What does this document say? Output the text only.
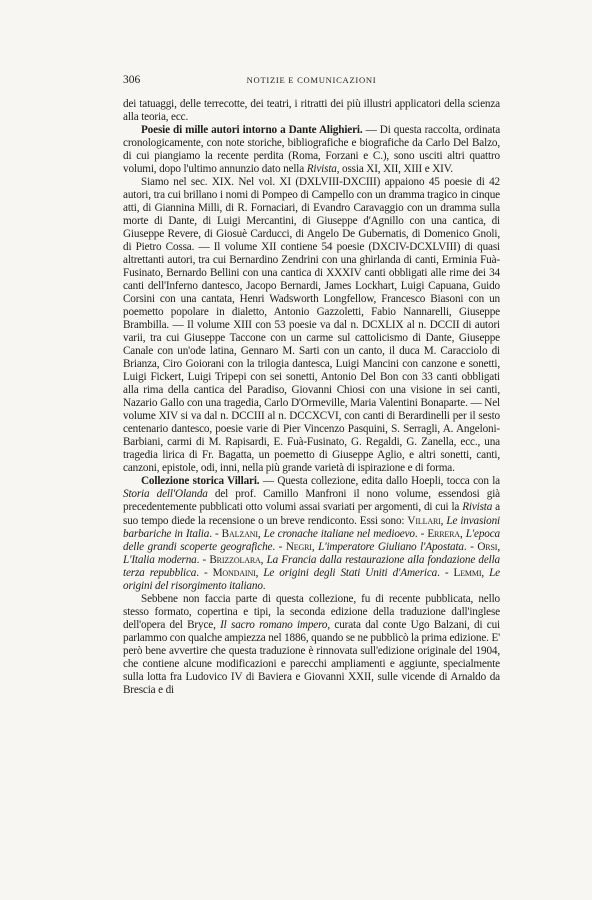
306	NOTIZIE E COMUNICAZIONI

dei tatuaggi, delle terrecotte, dei teatri, i ritratti dei più illustri applicatori della scienza alla teoria, ecc.

Poesie di mille autori intorno a Dante Alighieri. — Di questa raccolta, ordinata cronologicamente, con note storiche, bibliografiche e biografiche da Carlo Del Balzo, di cui piangiamo la recente perdita (Roma, Forzani e C.), sono usciti altri quattro volumi, dopo l'ultimo annunzio dato nella Rivista, ossia XI, XII, XIII e XIV.

Siamo nel sec. XIX. Nel vol. XI (DXLVIII-DXCIII) appaiono 45 poesie di 42 autori, tra cui brillano i nomi di Pompeo di Campello con un dramma tragico in cinque atti, di Giannina Milli, di R. Fornaciari, di Evandro Caravaggio con un dramma sulla morte di Dante, di Luigi Mercantini, di Giuseppe d'Agnillo con una cantica, di Giuseppe Revere, di Giosuè Carducci, di Angelo De Gubernatis, di Domenico Gnoli, di Pietro Cossa. — Il volume XII contiene 54 poesie (DXCIV-DCXLVIII) di quasi altrettanti autori, tra cui Bernardino Zendrini con una ghirlanda di canti, Erminia Fuà-Fusinato, Bernardo Bellini con una cantica di XXXIV canti obbligati alle rime dei 34 canti dell'Inferno dantesco, Jacopo Bernardi, James Lockhart, Luigi Capuana, Guido Corsini con una cantata, Henri Wadsworth Longfellow, Francesco Biasoni con un poemetto popolare in dialetto, Antonio Gazzoletti, Fabio Nannarelli, Giuseppe Brambilla. — Il volume XIII con 53 poesie va dal n. DCXLIX al n. DCCII di autori varii, tra cui Giuseppe Taccone con un carme sul cattolicismo di Dante, Giuseppe Canale con un'ode latina, Gennaro M. Sarti con un canto, il duca M. Caracciolo di Brianza, Ciro Goiorani con la trilogia dantesca, Luigi Mancini con canzone e sonetti, Luigi Fickert, Luigi Tripepi con sei sonetti, Antonio Del Bon con 33 canti obbligati alla rima della cantica del Paradiso, Giovanni Chiosi con una visione in sei canti, Nazario Gallo con una tragedia, Carlo D'Ormeville, Maria Valentini Bonaparte. — Nel volume XIV si va dal n. DCCIII al n. DCCXCVI, con canti di Berardinelli per il sesto centenario dantesco, poesie varie di Pier Vincenzo Pasquini, S. Serragli, A. Angeloni-Barbiani, carmi di M. Rapisardi, E. Fuà-Fusinato, G. Regaldi, G. Zanella, ecc., una tragedia lirica di Fr. Bagatta, un poemetto di Giuseppe Aglio, e altri sonetti, canti, canzoni, epistole, odi, inni, nella più grande varietà di ispirazione e di forma.

Collezione storica Villari. — Questa collezione, edita dallo Hoepli, tocca con la Storia dell'Olanda del prof. Camillo Manfroni il nono volume, essendosi già precedentemente pubblicati otto volumi assai svariati per argomenti, di cui la Rivista a suo tempo diede la recensione o un breve rendiconto. Essi sono: Villari, Le invasioni barbariche in Italia. - Balzani, Le cronache italiane nel medioevo. - Errera, L'epoca delle grandi scoperte geografiche. - Negri, L'imperatore Giuliano l'Apostata. - Orsi, L'Italia moderna. - Brizzolara, La Francia dalla restaurazione alla fondazione della terza repubblica. - Mondaini, Le origini degli Stati Uniti d'America. - Lemmi, Le origini del risorgimento italiano.

Sebbene non faccia parte di questa collezione, fu di recente pubblicata, nello stesso formato, copertina e tipi, la seconda edizione della traduzione dall'inglese dell'opera del Bryce, Il sacro romano impero, curata dal conte Ugo Balzani, di cui parlammo con qualche ampiezza nel 1886, quando se ne pubblicò la prima edizione. E' però bene avvertire che questa traduzione è rinnovata sull'edizione originale del 1904, che contiene alcune modificazioni e parecchi ampliamenti e aggiunte, specialmente sulla lotta fra Ludovico IV di Baviera e Giovanni XXII, sulle vicende di Arnaldo da Brescia e di
